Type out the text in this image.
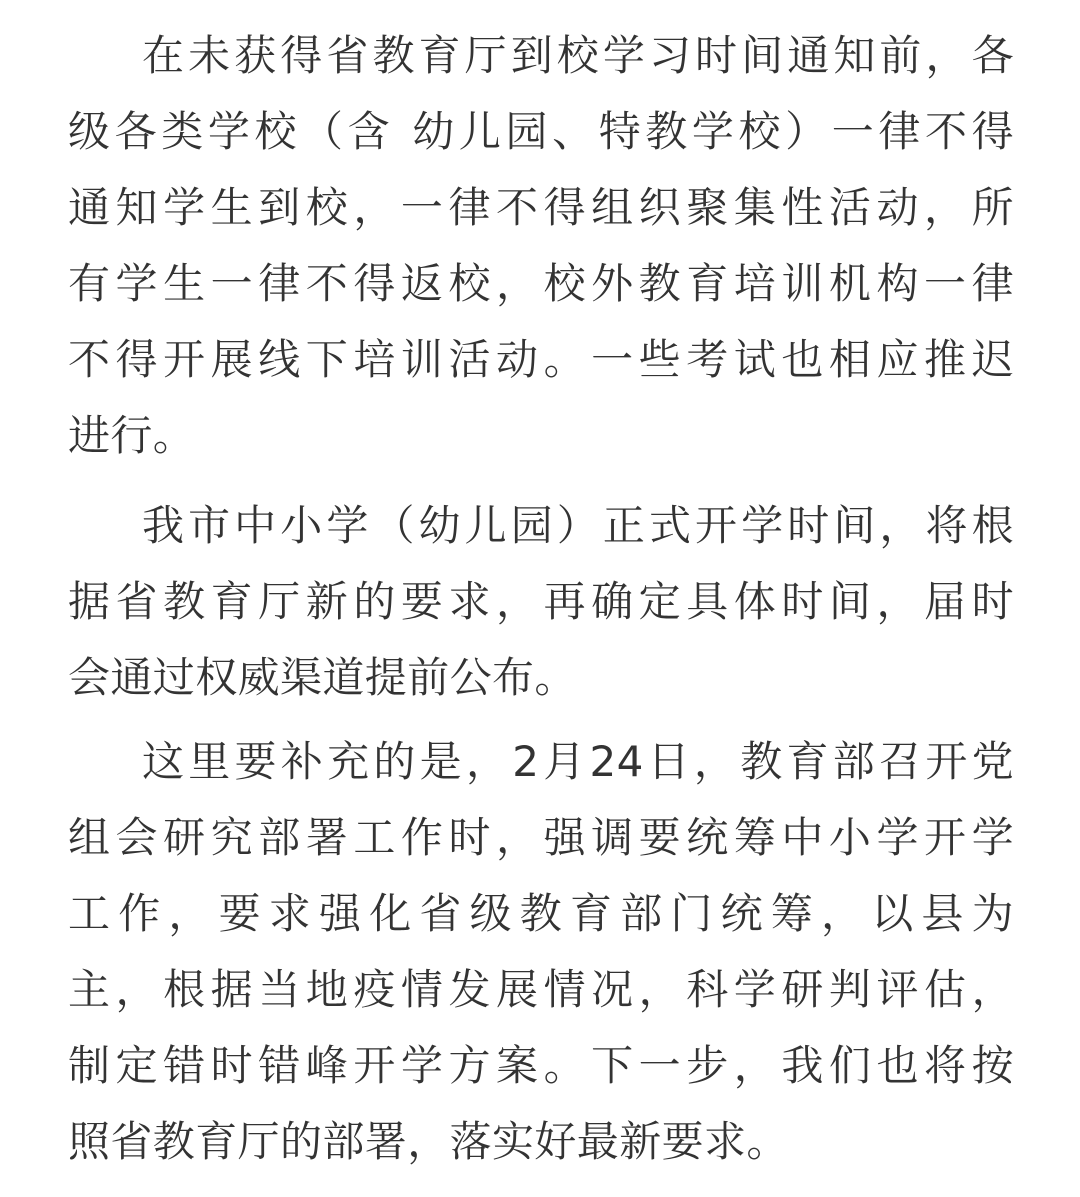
在未获得省教育厅到校学习时间通知前，各
级各类学校（含 幼儿园、特教学校）一律不得
通知学生到校，一律不得组织聚集性活动，所
有学生一律不得返校，校外教育培训机构一律
不得开展线下培训活动。一些考试也相应推迟
进行。
我市中小学（幼儿园）正式开学时间，将根
据省教育厅新的要求，再确定具体时间，届时
会通过权威渠道提前公布。
这里要补充的是，2月24日，教育部召开党
组会研究部署工作时，强调要统筹中小学开学
工作，要求强化省级教育部门统筹，以县为
主，根据当地疫情发展情况，科学研判评估，
制定错时错峰开学方案。下一步，我们也将按
照省教育厅的部署，落实好最新要求。
